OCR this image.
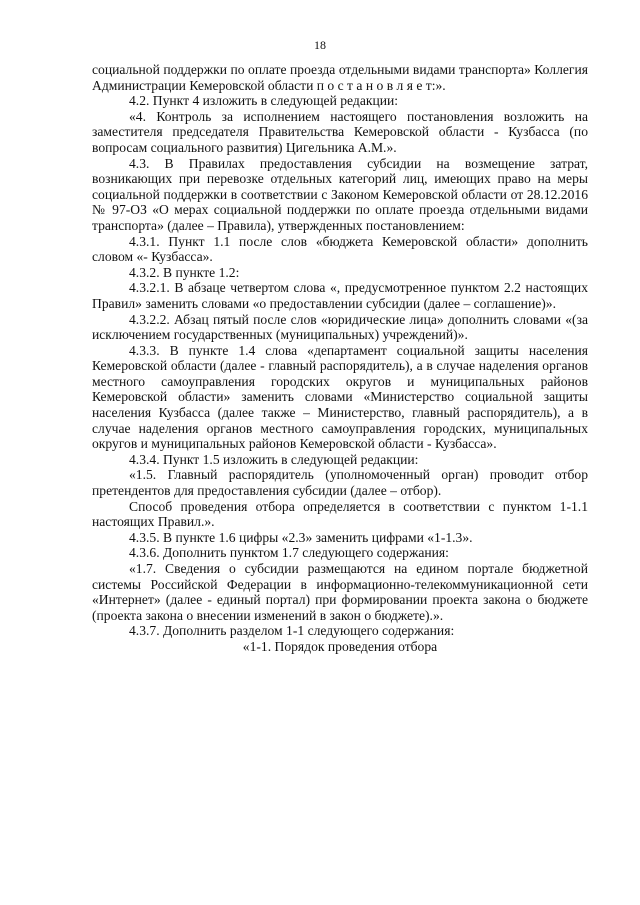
18

социальной поддержки по оплате проезда отдельными видами транспорта» Коллегия Администрации Кемеровской области п о с т а н о в л я е т:».

4.2. Пункт 4 изложить в следующей редакции:

«4. Контроль за исполнением настоящего постановления возложить на заместителя председателя Правительства Кемеровской области - Кузбасса (по вопросам социального развития) Цигельника А.М.».

4.3. В Правилах предоставления субсидии на возмещение затрат, возникающих при перевозке отдельных категорий лиц, имеющих право на меры социальной поддержки в соответствии с Законом Кемеровской области от 28.12.2016 № 97-ОЗ «О мерах социальной поддержки по оплате проезда отдельными видами транспорта» (далее – Правила), утвержденных постановлением:

4.3.1. Пункт 1.1 после слов «бюджета Кемеровской области» дополнить словом «- Кузбасса».

4.3.2. В пункте 1.2:

4.3.2.1. В абзаце четвертом слова «, предусмотренное пунктом 2.2 настоящих Правил» заменить словами «о предоставлении субсидии (далее – соглашение)».

4.3.2.2. Абзац пятый после слов «юридические лица» дополнить словами «(за исключением государственных (муниципальных) учреждений)».

4.3.3. В пункте 1.4 слова «департамент социальной защиты населения Кемеровской области (далее - главный распорядитель), а в случае наделения органов местного самоуправления городских округов и муниципальных районов Кемеровской области» заменить словами «Министерство социальной защиты населения Кузбасса (далее также – Министерство, главный распорядитель), а в случае наделения органов местного самоуправления городских, муниципальных округов и муниципальных районов Кемеровской области - Кузбасса».

4.3.4. Пункт 1.5 изложить в следующей редакции:

«1.5. Главный распорядитель (уполномоченный орган) проводит отбор претендентов для предоставления субсидии (далее – отбор).

Способ проведения отбора определяется в соответствии с пунктом 1-1.1 настоящих Правил.».

4.3.5. В пункте 1.6 цифры «2.3» заменить цифрами «1-1.3».

4.3.6. Дополнить пунктом 1.7 следующего содержания:

«1.7. Сведения о субсидии размещаются на едином портале бюджетной системы Российской Федерации в информационно-телекоммуникационной сети «Интернет» (далее - единый портал) при формировании проекта закона о бюджете (проекта закона о внесении изменений в закон о бюджете).».

4.3.7. Дополнить разделом 1-1 следующего содержания:

«1-1. Порядок проведения отбора
